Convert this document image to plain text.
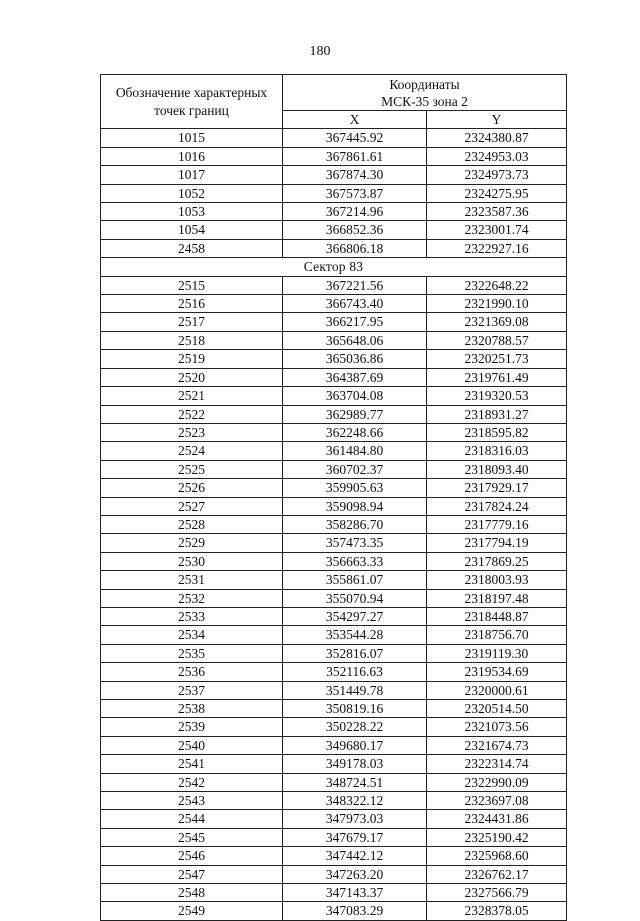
180
Обозначение характерных точек границ	Координаты
МСК-35 зона 2	

	X	Y
1015	367445.92	2324380.87
1016	367861.61	2324953.03
1017	367874.30	2324973.73
1052	367573.87	2324275.95
1053	367214.96	2323587.36
1054	366852.36	2323001.74
2458	366806.18	2322927.16
Сектор 83		
2515	367221.56	2322648.22
2516	366743.40	2321990.10
2517	366217.95	2321369.08
2518	365648.06	2320788.57
2519	365036.86	2320251.73
2520	364387.69	2319761.49
2521	363704.08	2319320.53
2522	362989.77	2318931.27
2523	362248.66	2318595.82
2524	361484.80	2318316.03
2525	360702.37	2318093.40
2526	359905.63	2317929.17
2527	359098.94	2317824.24
2528	358286.70	2317779.16
2529	357473.35	2317794.19
2530	356663.33	2317869.25
2531	355861.07	2318003.93
2532	355070.94	2318197.48
2533	354297.27	2318448.87
2534	353544.28	2318756.70
2535	352816.07	2319119.30
2536	352116.63	2319534.69
2537	351449.78	2320000.61
2538	350819.16	2320514.50
2539	350228.22	2321073.56
2540	349680.17	2321674.73
2541	349178.03	2322314.74
2542	348724.51	2322990.09
2543	348322.12	2323697.08
2544	347973.03	2324431.86
2545	347679.17	2325190.42
2546	347442.12	2325968.60
2547	347263.20	2326762.17
2548	347143.37	2327566.79
2549	347083.29	2328378.05
